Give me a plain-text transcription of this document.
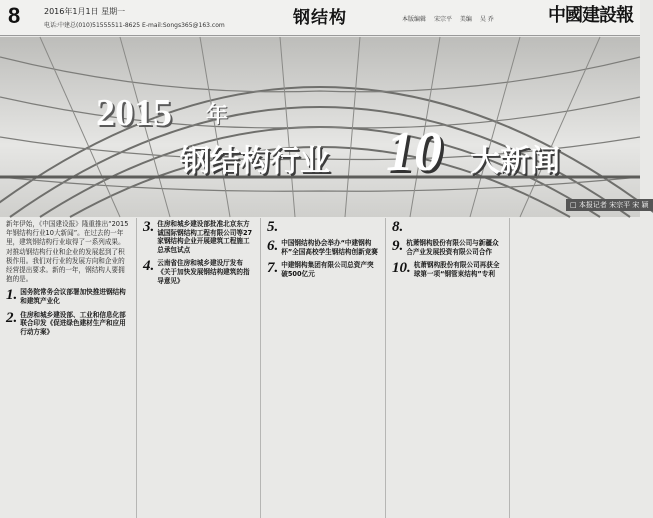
8	2016年1月1日 星期一
电话:中建总(010)51555511-8625 E-mail:Songs365@163.com	钢结构	本版编辑 宋宗平 美编 吴 乔	中國建設報
2015 年
钢结构行业 10 大新闻
□ 本报记者 宋宗平 宋 颖
新年伊始，《中国建设报》隆重推出“2015年钢结构行业10大新闻”。在过去的一年里，建筑钢结构行业取得了一系列成果。对推动钢结构行业和企业的发展起到了积极作用。我们对行业的发展方向和企业的经营提出要求。新的一年，钢结构人要拥抱的是。
1. 国务院常务会议部署加快推进钢结构和建筑产业化
2. 住房和城乡建设部、工业和信息化部联合印发《促进绿色建材生产和应用行动方案》
3. 住房和城乡建设部批准北京东方诚国际钢结构工程有限公司等27家钢结构企业开展建筑工程施工总承包试点
4. 云南省住房和城乡建设厅发布《关于加快发展钢结构建筑的指导意见》
5.
6. 中国钢结构协会举办“中建钢构杯”全国高校学生钢结构创新竞赛
7. 中建钢构集团有限公司总资产突破500亿元
8.
9. 杭萧钢构股份有限公司与新疆众合产业发展投资有限公司合作
10. 杭萧钢构股份有限公司再获全球第一项“钢管束结构”专利
